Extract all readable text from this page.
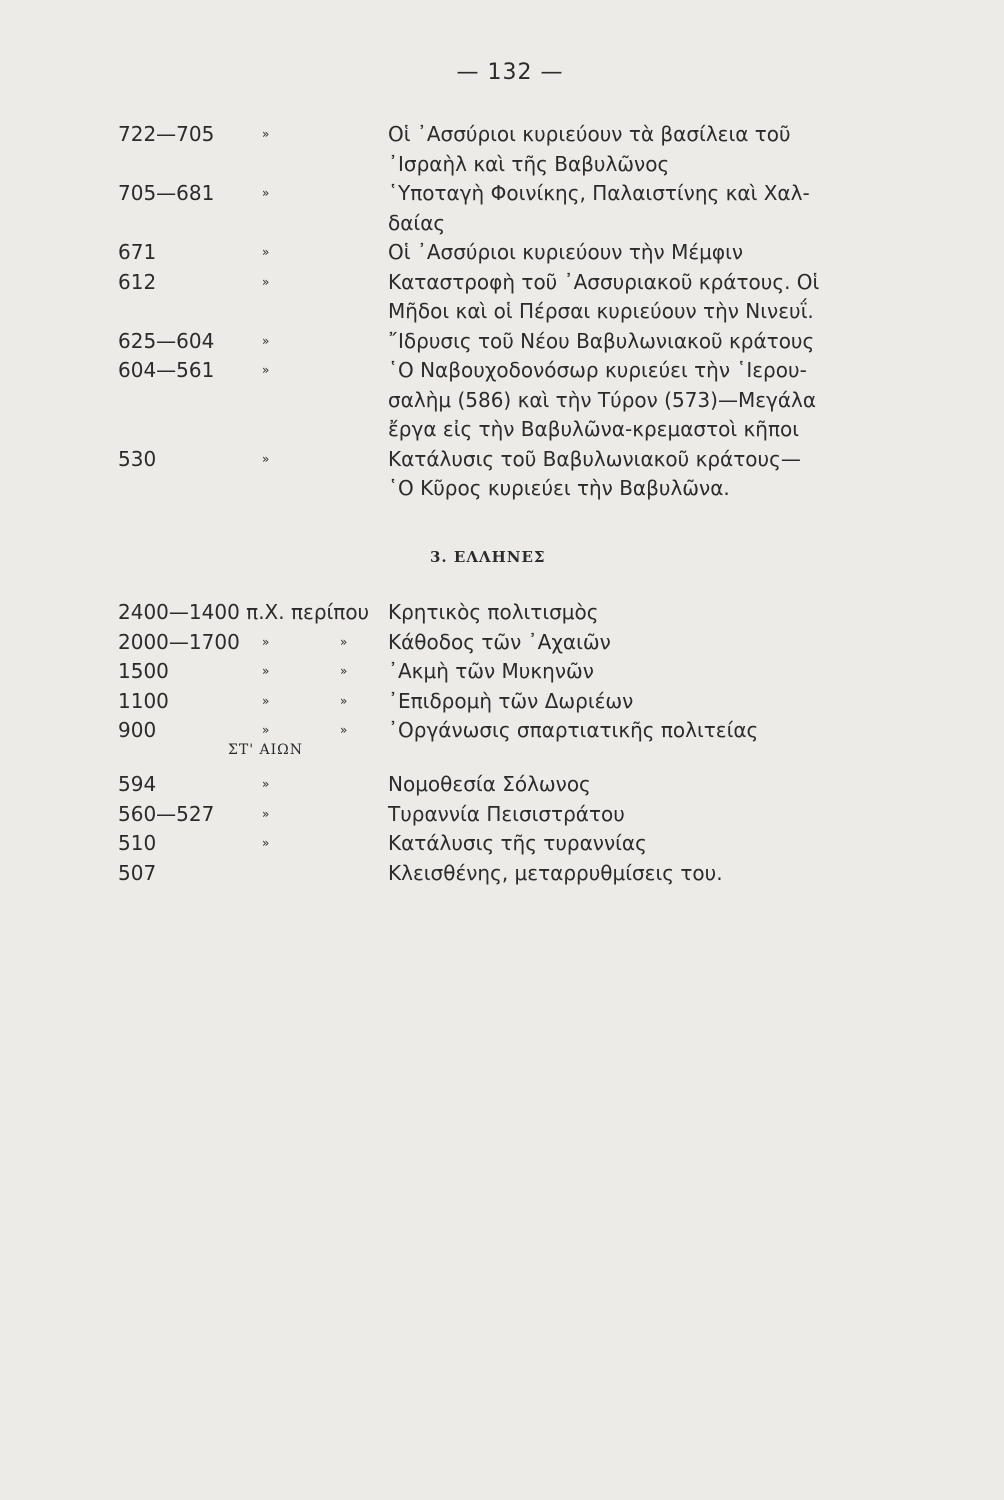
— 132 —
722—705	»	Οἱ ᾿Ασσύριοι κυριεύουν τὰ βασίλεια τοῦ
᾿Ισραὴλ καὶ τῆς Βαβυλῶνος
705—681	»	῾Υποταγὴ Φοινίκης, Παλαιστίνης καὶ Χαλ-
δαίας
671	»	Οἱ ᾿Ασσύριοι κυριεύουν τὴν Μέμφιν
612	»	Καταστροφὴ τοῦ ᾿Ασσυριακοῦ κράτους. Οἱ
Μῆδοι καὶ οἱ Πέρσαι κυριεύουν τὴν Νινευΐ.
625—604	»	῎Ιδρυσις τοῦ Νέου Βαβυλωνιακοῦ κράτους
604—561	»	῾Ο Ναβουχοδονόσωρ κυριεύει τὴν ῾Ιερου-
σαλὴμ (586) καὶ τὴν Τύρον (573)—Μεγάλα
ἔργα εἰς τὴν Βαβυλῶνα-κρεμαστοὶ κῆποι
530	»	Κατάλυσις τοῦ Βαβυλωνιακοῦ κράτους—
῾Ο Κῦρος κυριεύει τὴν Βαβυλῶνα.
3. ΕΛΛΗΝΕΣ
2400—1400 π.Χ. περίπου Κρητικὸς πολιτισμὸς
2000—1700 »	» Κάθοδος τῶν ᾿Αχαιῶν
1500	»	» ᾿Ακμὴ τῶν Μυκηνῶν
1100	»	» ᾿Επιδρομὴ τῶν Δωριέων
900	»	» ᾿Οργάνωσις σπαρτιατικῆς πολιτείας
ΣΤ' ΑΙΩΝ
594	»	Νομοθεσία Σόλωνος
560—527	»	Τυραννία Πεισιστράτου
510	»	Κατάλυσις τῆς τυραννίας
507	Κλεισθένης, μεταρρυθμίσεις του.
